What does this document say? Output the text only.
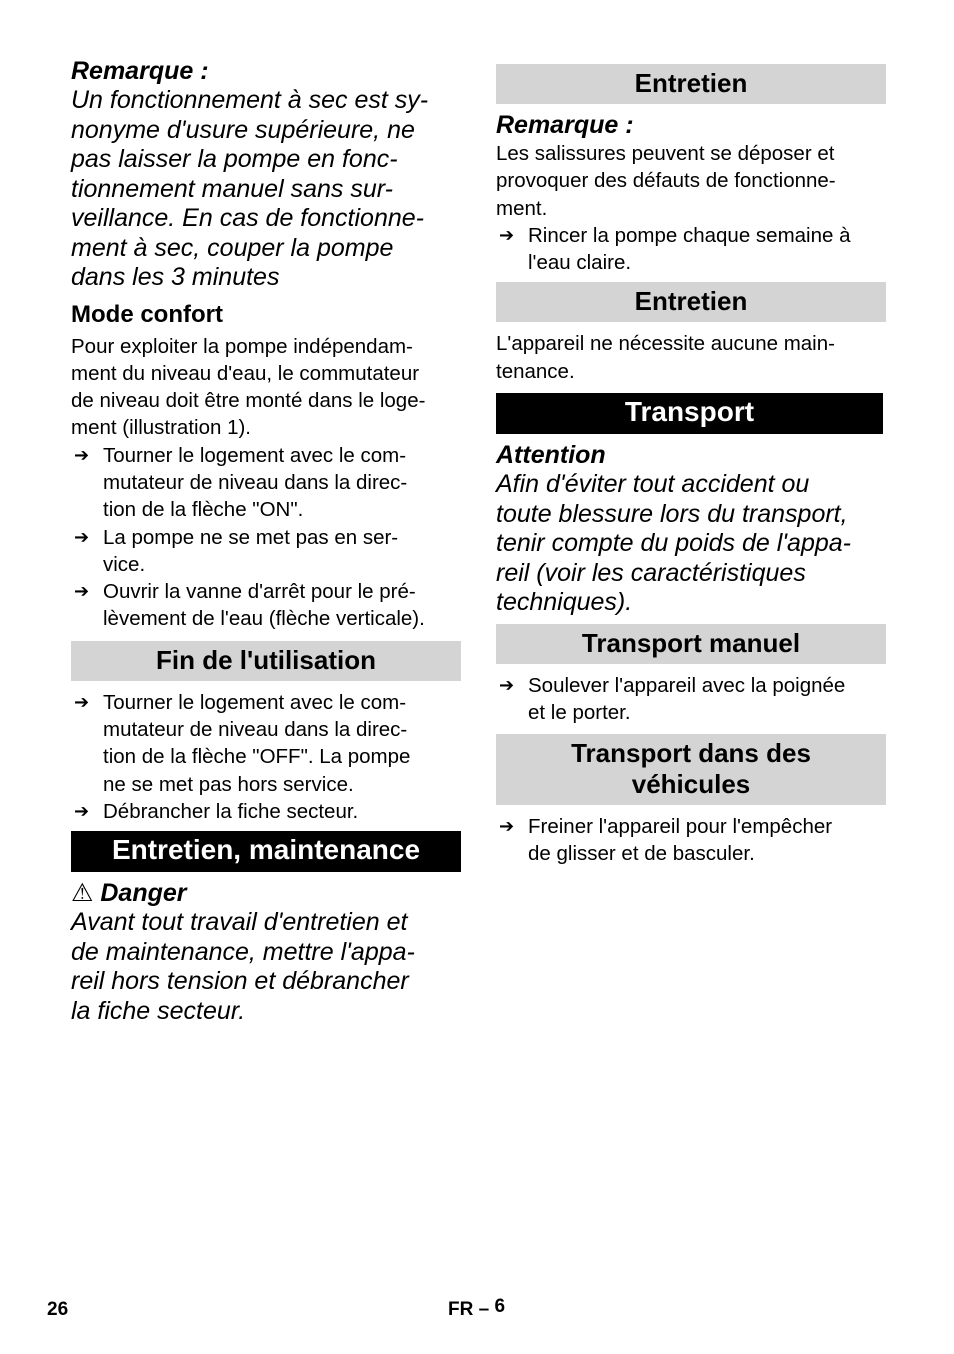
Remarque :

Un fonctionnement à sec est sy-
nonyme d'usure supérieure, ne
pas laisser la pompe en fonc-
tionnement manuel sans sur-
veillance. En cas de fonctionne-
ment à sec, couper la pompe
dans les 3 minutes

Mode confort

Pour exploiter la pompe indépendam-
ment du niveau d'eau, le commutateur
de niveau doit être monté dans le loge-
ment (illustration 1).
➔ Tourner le logement avec le com-
mutateur de niveau dans la direc-
tion de la flèche "ON".
➔ La pompe ne se met pas en ser-
vice.
➔ Ouvrir la vanne d'arrêt pour le pré-
lèvement de l'eau (flèche verticale).
Fin de l'utilisation
➔ Tourner le logement avec le com-
mutateur de niveau dans la direc-
tion de la flèche "OFF". La pompe
ne se met pas hors service.
➔ Débrancher la fiche secteur.
Entretien, maintenance

⚠ Danger

Avant tout travail d'entretien et
de maintenance, mettre l'appa-
reil hors tension et débrancher
la fiche secteur.
Entretien

Remarque :

Les salissures peuvent se déposer et
provoquer des défauts de fonctionne-
ment.
➔ Rincer la pompe chaque semaine à
l'eau claire.
Entretien
L'appareil ne nécessite aucune main-
tenance.
Transport

Attention

Afin d'éviter tout accident ou
toute blessure lors du transport,
tenir compte du poids de l'appa-
reil (voir les caractéristiques
techniques).
Transport manuel
➔ Soulever l'appareil avec la poignée
et le porter.
Transport dans des
véhicules
➔ Freiner l'appareil pour l'empêcher
de glisser et de basculer.
26	FR – 6
